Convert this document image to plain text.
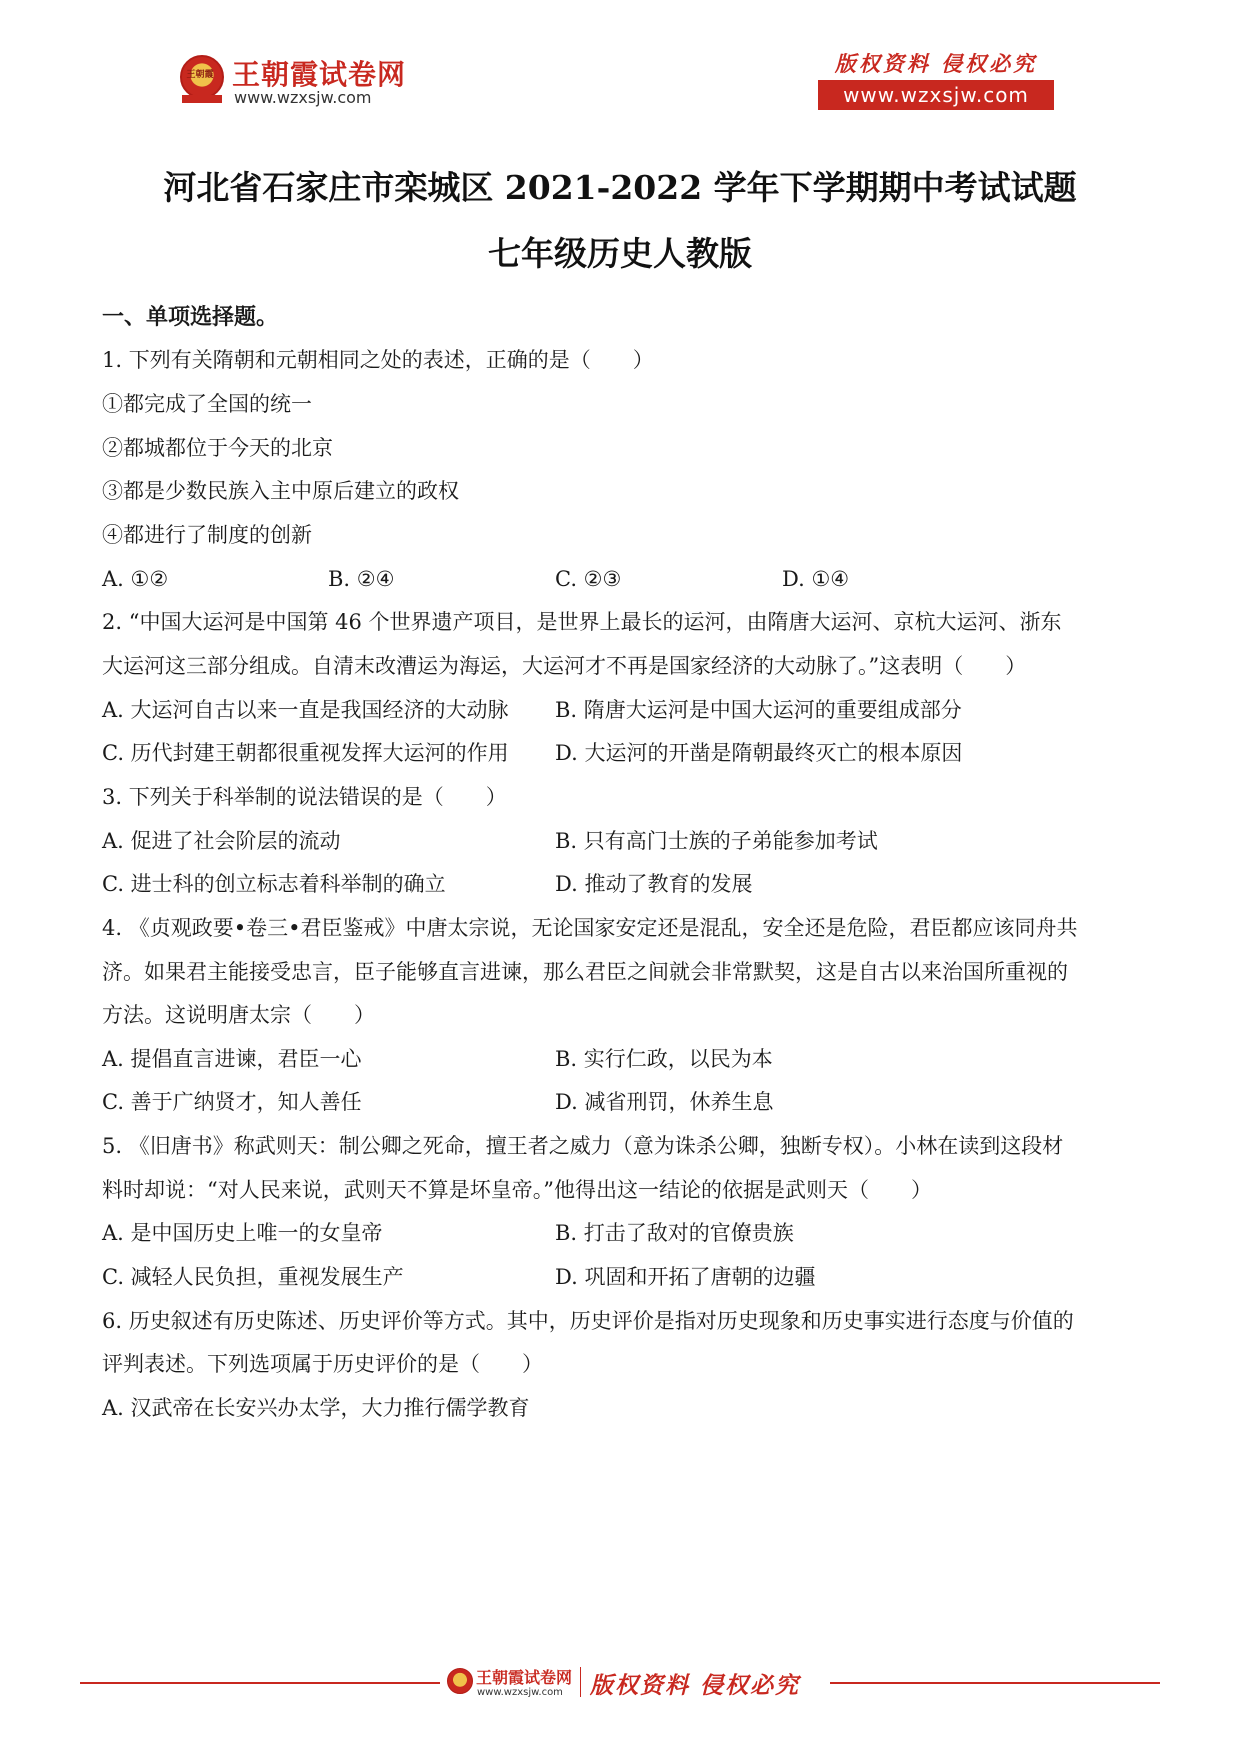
王朝霞 王朝霞试卷网
www.wzxsjw.com
版权资料 侵权必究
www.wzxsjw.com
河北省石家庄市栾城区 2021-2022 学年下学期期中考试试题
七年级历史人教版
一、单项选择题。
1. 下列有关隋朝和元朝相同之处的表述，正确的是（　　）
①都完成了全国的统一
②都城都位于今天的北京
③都是少数民族入主中原后建立的政权
④都进行了制度的创新
A. ①②	B. ②④	C. ②③	D. ①④
2. “中国大运河是中国第 46 个世界遗产项目，是世界上最长的运河，由隋唐大运河、京杭大运河、浙东
大运河这三部分组成。自清末改漕运为海运，大运河才不再是国家经济的大动脉了。”这表明（　　）
A. 大运河自古以来一直是我国经济的大动脉 B. 隋唐大运河是中国大运河的重要组成部分
C. 历代封建王朝都很重视发挥大运河的作用 D. 大运河的开凿是隋朝最终灭亡的根本原因
3. 下列关于科举制的说法错误的是（　　）
A. 促进了社会阶层的流动	B. 只有高门士族的子弟能参加考试
C. 进士科的创立标志着科举制的确立	D. 推动了教育的发展
4. 《贞观政要•卷三•君臣鉴戒》中唐太宗说，无论国家安定还是混乱，安全还是危险，君臣都应该同舟共
济。如果君主能接受忠言，臣子能够直言进谏，那么君臣之间就会非常默契，这是自古以来治国所重视的
方法。这说明唐太宗（　　）
A. 提倡直言进谏，君臣一心	B. 实行仁政，以民为本
C. 善于广纳贤才，知人善任	D. 减省刑罚，休养生息
5. 《旧唐书》称武则天：制公卿之死命，擅王者之威力（意为诛杀公卿，独断专权）。小林在读到这段材
料时却说：“对人民来说，武则天不算是坏皇帝。”他得出这一结论的依据是武则天（　　）
A. 是中国历史上唯一的女皇帝	B. 打击了敌对的官僚贵族
C. 减轻人民负担，重视发展生产	D. 巩固和开拓了唐朝的边疆
6. 历史叙述有历史陈述、历史评价等方式。其中，历史评价是指对历史现象和历史事实进行态度与价值的
评判表述。下列选项属于历史评价的是（　　）
A. 汉武帝在长安兴办太学，大力推行儒学教育
王朝霞试卷网
www.wzxsjw.com 版权资料 侵权必究
